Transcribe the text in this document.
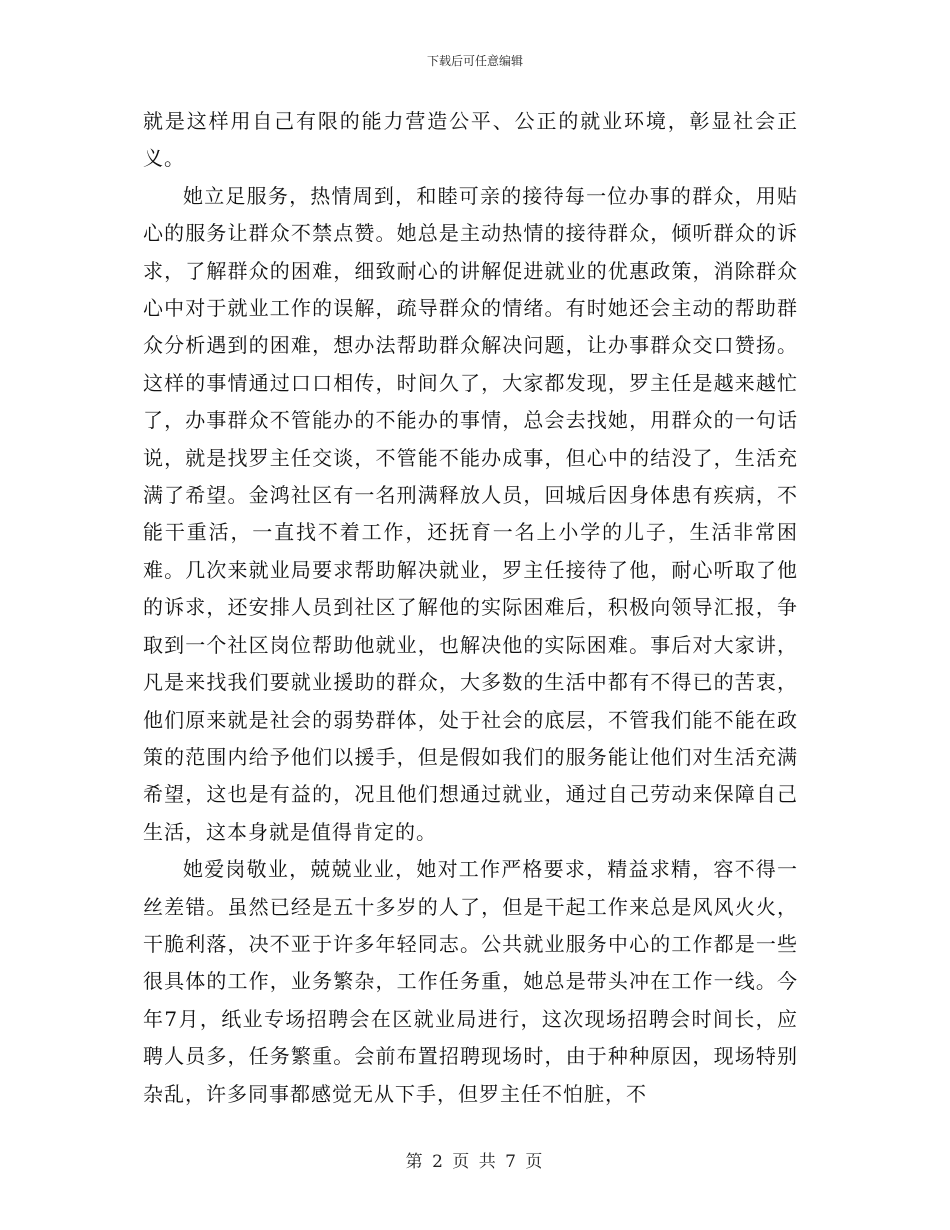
下载后可任意编辑

就是这样用自己有限的能力营造公平、公正的就业环境，彰显社会正义。

她立足服务，热情周到，和睦可亲的接待每一位办事的群众，用贴心的服务让群众不禁点赞。她总是主动热情的接待群众，倾听群众的诉求，了解群众的困难，细致耐心的讲解促进就业的优惠政策，消除群众心中对于就业工作的误解，疏导群众的情绪。有时她还会主动的帮助群众分析遇到的困难，想办法帮助群众解决问题，让办事群众交口赞扬。这样的事情通过口口相传，时间久了，大家都发现，罗主任是越来越忙了，办事群众不管能办的不能办的事情，总会去找她，用群众的一句话说，就是找罗主任交谈，不管能不能办成事，但心中的结没了，生活充满了希望。金鸿社区有一名刑满释放人员，回城后因身体患有疾病，不能干重活，一直找不着工作，还抚育一名上小学的儿子，生活非常困难。几次来就业局要求帮助解决就业，罗主任接待了他，耐心听取了他的诉求，还安排人员到社区了解他的实际困难后，积极向领导汇报，争取到一个社区岗位帮助他就业，也解决他的实际困难。事后对大家讲，凡是来找我们要就业援助的群众，大多数的生活中都有不得已的苦衷，他们原来就是社会的弱势群体，处于社会的底层，不管我们能不能在政策的范围内给予他们以援手，但是假如我们的服务能让他们对生活充满希望，这也是有益的，况且他们想通过就业，通过自己劳动来保障自己生活，这本身就是值得肯定的。

她爱岗敬业，兢兢业业，她对工作严格要求，精益求精，容不得一丝差错。虽然已经是五十多岁的人了，但是干起工作来总是风风火火，干脆利落，决不亚于许多年轻同志。公共就业服务中心的工作都是一些很具体的工作，业务繁杂，工作任务重，她总是带头冲在工作一线。今年7月，纸业专场招聘会在区就业局进行，这次现场招聘会时间长，应聘人员多，任务繁重。会前布置招聘现场时，由于种种原因，现场特别杂乱，许多同事都感觉无从下手，但罗主任不怕脏，不

第 2 页 共 7 页
